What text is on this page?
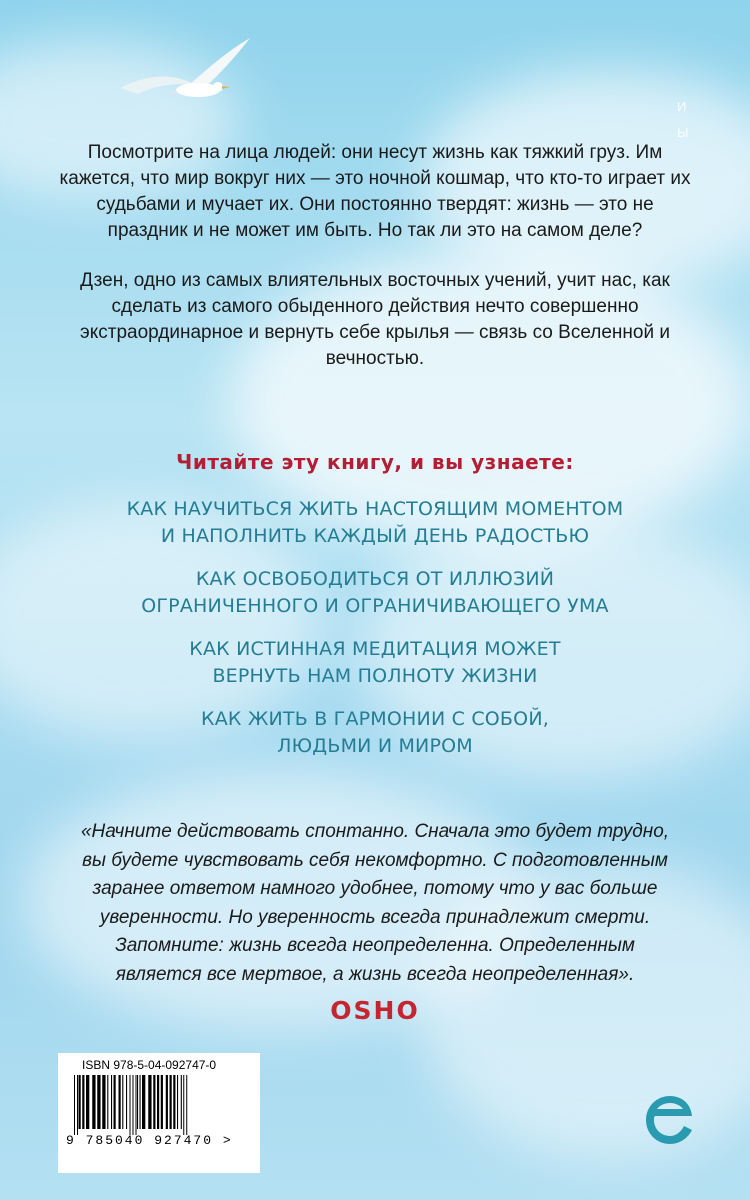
И
Ы

Посмотрите на лица людей: они несут жизнь как тяжкий груз. Им кажется, что мир вокруг них — это ночной кошмар, что кто-то играет их судьбами и мучает их. Они постоянно твердят: жизнь — это не праздник и не может им быть. Но так ли это на самом деле?

Дзен, одно из самых влиятельных восточных учений, учит нас, как сделать из самого обыденного действия нечто совершенно экстраординарное и вернуть себе крылья — связь со Вселенной и вечностью.

Читайте эту книгу, и вы узнаете:
КАК НАУЧИТЬСЯ ЖИТЬ НАСТОЯЩИМ МОМЕНТОМ
И НАПОЛНИТЬ КАЖДЫЙ ДЕНЬ РАДОСТЬЮ
КАК ОСВОБОДИТЬСЯ ОТ ИЛЛЮЗИЙ
ОГРАНИЧЕННОГО И ОГРАНИЧИВАЮЩЕГО УМА
КАК ИСТИННАЯ МЕДИТАЦИЯ МОЖЕТ
ВЕРНУТЬ НАМ ПОЛНОТУ ЖИЗНИ
КАК ЖИТЬ В ГАРМОНИИ С СОБОЙ,
ЛЮДЬМИ И МИРОМ
«Начните действовать спонтанно. Сначала это будет трудно,
вы будете чувствовать себя некомфортно. С подготовленным
заранее ответом намного удобнее, потому что у вас больше
уверенности. Но уверенность всегда принадлежит смерти.
Запомните: жизнь всегда неопределенна. Определенным
является все мертвое, а жизнь всегда неопределенная».
OSHO
ISBN 978-5-04-092747-0
9 785040 927470 >
